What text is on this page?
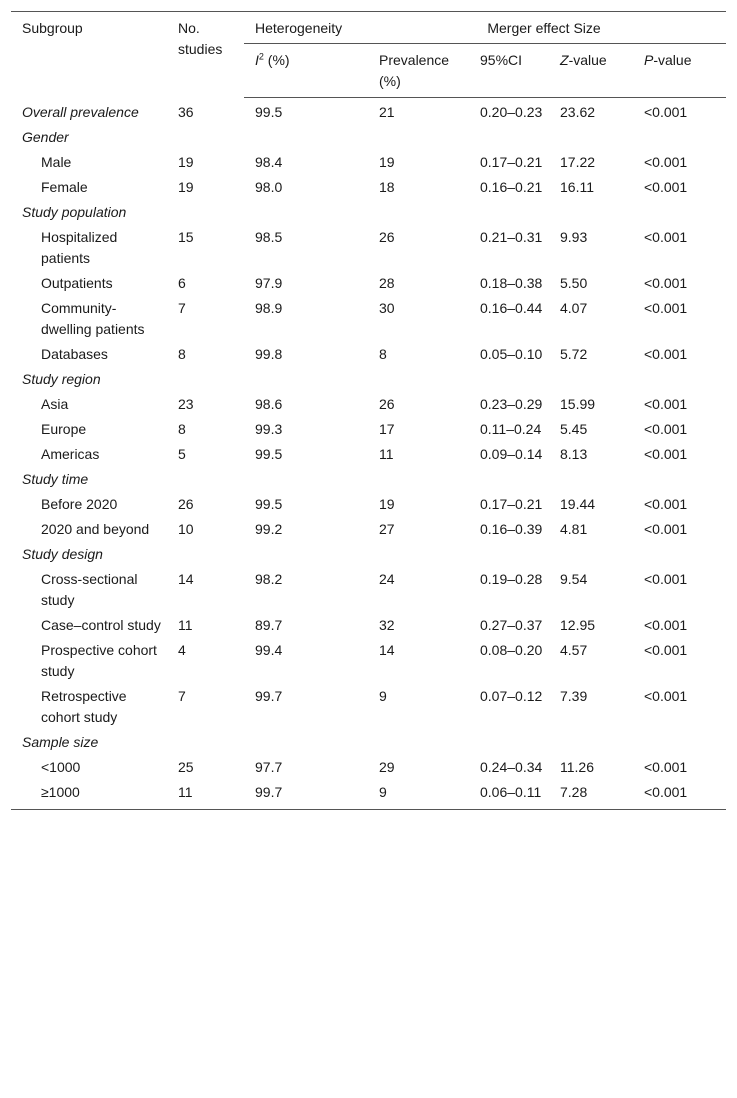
Subgroup	No. studies	Heterogeneity	Merger effect Size			
		$I^2$ (%)	Prevalence (%)	95%CI	Z-value	P-value
Overall prevalence	36	99.5	21	0.20–0.23	23.62	<0.001
Gender						
Male	19	98.4	19	0.17–0.21	17.22	<0.001
Female	19	98.0	18	0.16–0.21	16.11	<0.001
Study population						
Hospitalized patients	15	98.5	26	0.21–0.31	9.93	<0.001
Outpatients	6	97.9	28	0.18–0.38	5.50	<0.001
Community-dwelling patients	7	98.9	30	0.16–0.44	4.07	<0.001
Databases	8	99.8	8	0.05–0.10	5.72	<0.001
Study region						
Asia	23	98.6	26	0.23–0.29	15.99	<0.001
Europe	8	99.3	17	0.11–0.24	5.45	<0.001
Americas	5	99.5	11	0.09–0.14	8.13	<0.001
Study time						
Before 2020	26	99.5	19	0.17–0.21	19.44	<0.001
2020 and beyond	10	99.2	27	0.16–0.39	4.81	<0.001
Study design						
Cross-sectional study	14	98.2	24	0.19–0.28	9.54	<0.001
Case–control study	11	89.7	32	0.27–0.37	12.95	<0.001
Prospective cohort study	4	99.4	14	0.08–0.20	4.57	<0.001
Retrospective cohort study	7	99.7	9	0.07–0.12	7.39	<0.001
Sample size						
<1000	25	97.7	29	0.24–0.34	11.26	<0.001
≥1000	11	99.7	9	0.06–0.11	7.28	<0.001
